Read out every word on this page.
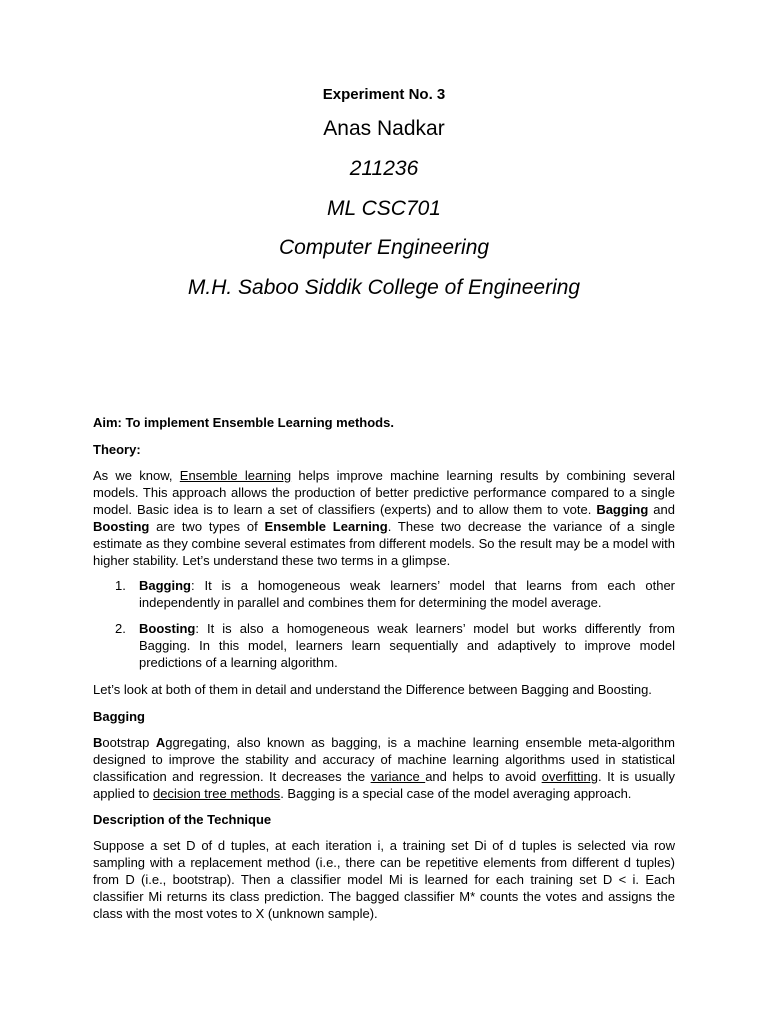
Experiment No. 3
Anas Nadkar
211236
ML CSC701
Computer Engineering
M.H. Saboo Siddik College of Engineering
Aim: To implement Ensemble Learning methods.
Theory:

As we know, Ensemble learning helps improve machine learning results by combining several models. This approach allows the production of better predictive performance compared to a single model. Basic idea is to learn a set of classifiers (experts) and to allow them to vote. Bagging and Boosting are two types of Ensemble Learning. These two decrease the variance of a single estimate as they combine several estimates from different models. So the result may be a model with higher stability. Let’s understand these two terms in a glimpse.

1. Bagging: It is a homogeneous weak learners’ model that learns from each other independently in parallel and combines them for determining the model average.
2. Boosting: It is also a homogeneous weak learners’ model but works differently from Bagging. In this model, learners learn sequentially and adaptively to improve model predictions of a learning algorithm.
Let’s look at both of them in detail and understand the Difference between Bagging and Boosting.
Bagging

Bootstrap Aggregating, also known as bagging, is a machine learning ensemble meta-algorithm designed to improve the stability and accuracy of machine learning algorithms used in statistical classification and regression. It decreases the variance and helps to avoid overfitting. It is usually applied to decision tree methods. Bagging is a special case of the model averaging approach.

Description of the Technique
Suppose a set D of d tuples, at each iteration i, a training set Di of d tuples is selected via row sampling with a replacement method (i.e., there can be repetitive elements from different d tuples) from D (i.e., bootstrap). Then a classifier model Mi is learned for each training set D < i. Each classifier Mi returns its class prediction. The bagged classifier M* counts the votes and assigns the class with the most votes to X (unknown sample).
